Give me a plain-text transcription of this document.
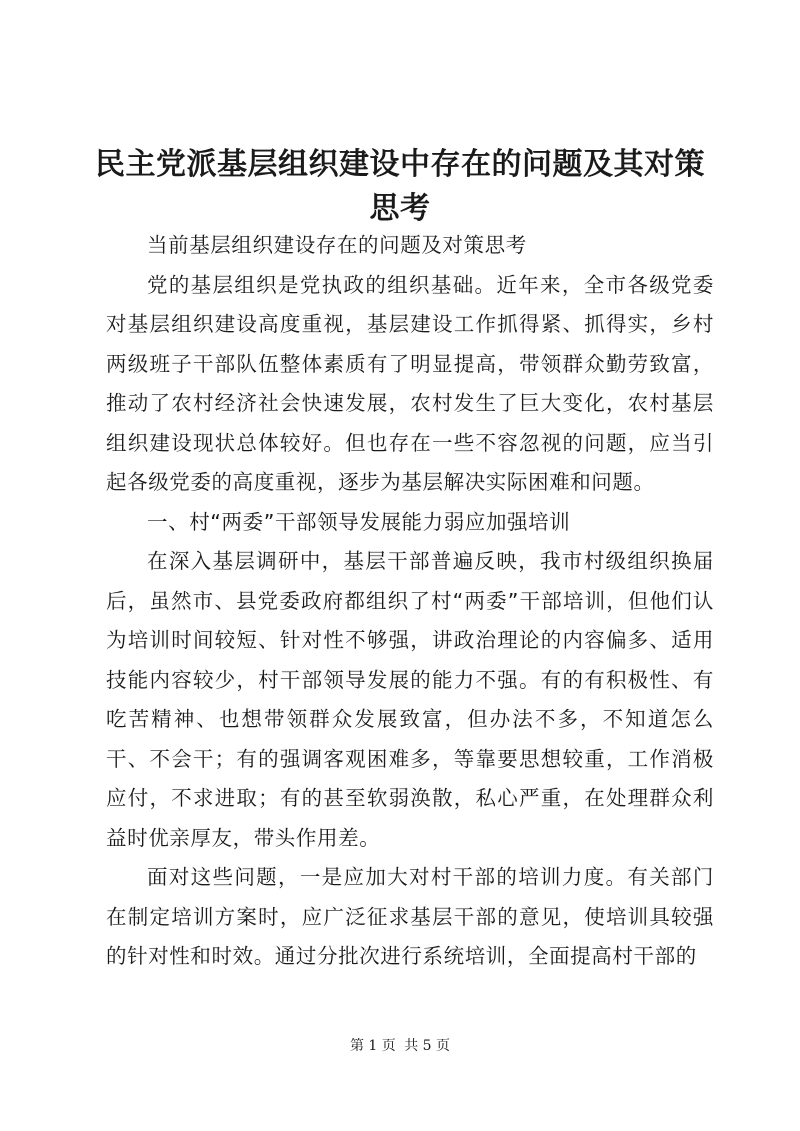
民主党派基层组织建设中存在的问题及其对策思考

当前基层组织建设存在的问题及对策思考

党的基层组织是党执政的组织基础。近年来，全市各级党委对基层组织建设高度重视，基层建设工作抓得紧、抓得实，乡村两级班子干部队伍整体素质有了明显提高，带领群众勤劳致富，推动了农村经济社会快速发展，农村发生了巨大变化，农村基层组织建设现状总体较好。但也存在一些不容忽视的问题，应当引起各级党委的高度重视，逐步为基层解决实际困难和问题。

一、村“两委”干部领导发展能力弱应加强培训

在深入基层调研中，基层干部普遍反映，我市村级组织换届后，虽然市、县党委政府都组织了村“两委”干部培训，但他们认为培训时间较短、针对性不够强，讲政治理论的内容偏多、适用技能内容较少，村干部领导发展的能力不强。有的有积极性、有吃苦精神、也想带领群众发展致富，但办法不多，不知道怎么干、不会干；有的强调客观困难多，等靠要思想较重，工作消极应付，不求进取；有的甚至软弱涣散，私心严重，在处理群众利益时优亲厚友，带头作用差。

面对这些问题，一是应加大对村干部的培训力度。有关部门在制定培训方案时，应广泛征求基层干部的意见，使培训具较强的针对性和时效。通过分批次进行系统培训，全面提高村干部的

第 1 页 共 5 页
